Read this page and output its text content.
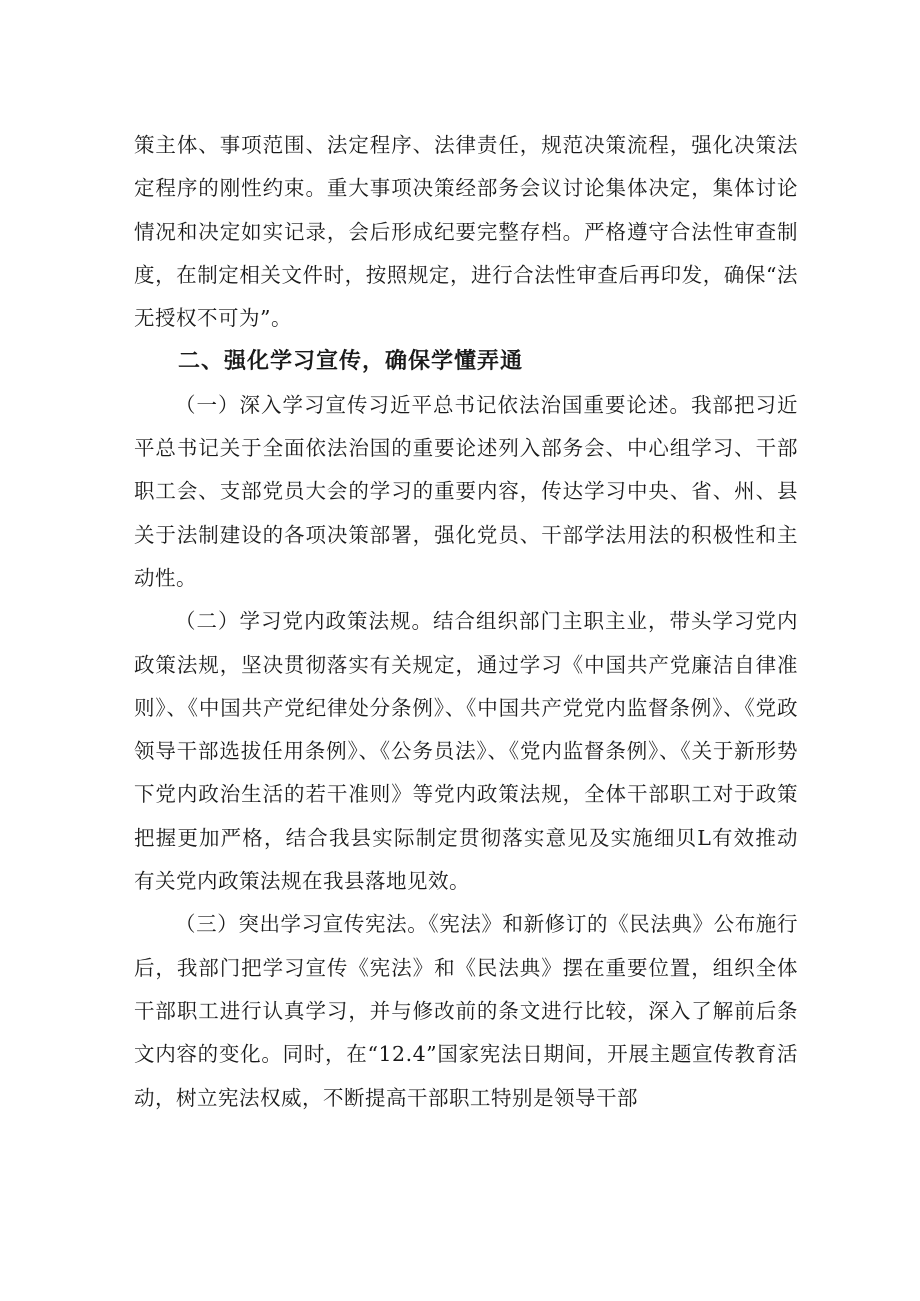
策主体、事项范围、法定程序、法律责任，规范决策流程，强化决策法定程序的刚性约束。重大事项决策经部务会议讨论集体决定，集体讨论情况和决定如实记录，会后形成纪要完整存档。严格遵守合法性审查制度，在制定相关文件时，按照规定，进行合法性审查后再印发，确保“法无授权不可为”。

二、强化学习宣传，确保学懂弄通

（一）深入学习宣传习近平总书记依法治国重要论述。我部把习近平总书记关于全面依法治国的重要论述列入部务会、中心组学习、干部职工会、支部党员大会的学习的重要内容，传达学习中央、省、州、县关于法制建设的各项决策部署，强化党员、干部学法用法的积极性和主动性。

（二）学习党内政策法规。结合组织部门主职主业，带头学习党内政策法规，坚决贯彻落实有关规定，通过学习《中国共产党廉洁自律准则》、《中国共产党纪律处分条例》、《中国共产党党内监督条例》、《党政领导干部选拔任用条例》、《公务员法》、《党内监督条例》、《关于新形势下党内政治生活的若干准则》等党内政策法规，全体干部职工对于政策把握更加严格，结合我县实际制定贯彻落实意见及实施细贝L有效推动有关党内政策法规在我县落地见效。

（三）突出学习宣传宪法。《宪法》和新修订的《民法典》公布施行后，我部门把学习宣传《宪法》和《民法典》摆在重要位置，组织全体干部职工进行认真学习，并与修改前的条文进行比较，深入了解前后条文内容的变化。同时，在“12.4”国家宪法日期间，开展主题宣传教育活动，树立宪法权威，不断提高干部职工特别是领导干部
